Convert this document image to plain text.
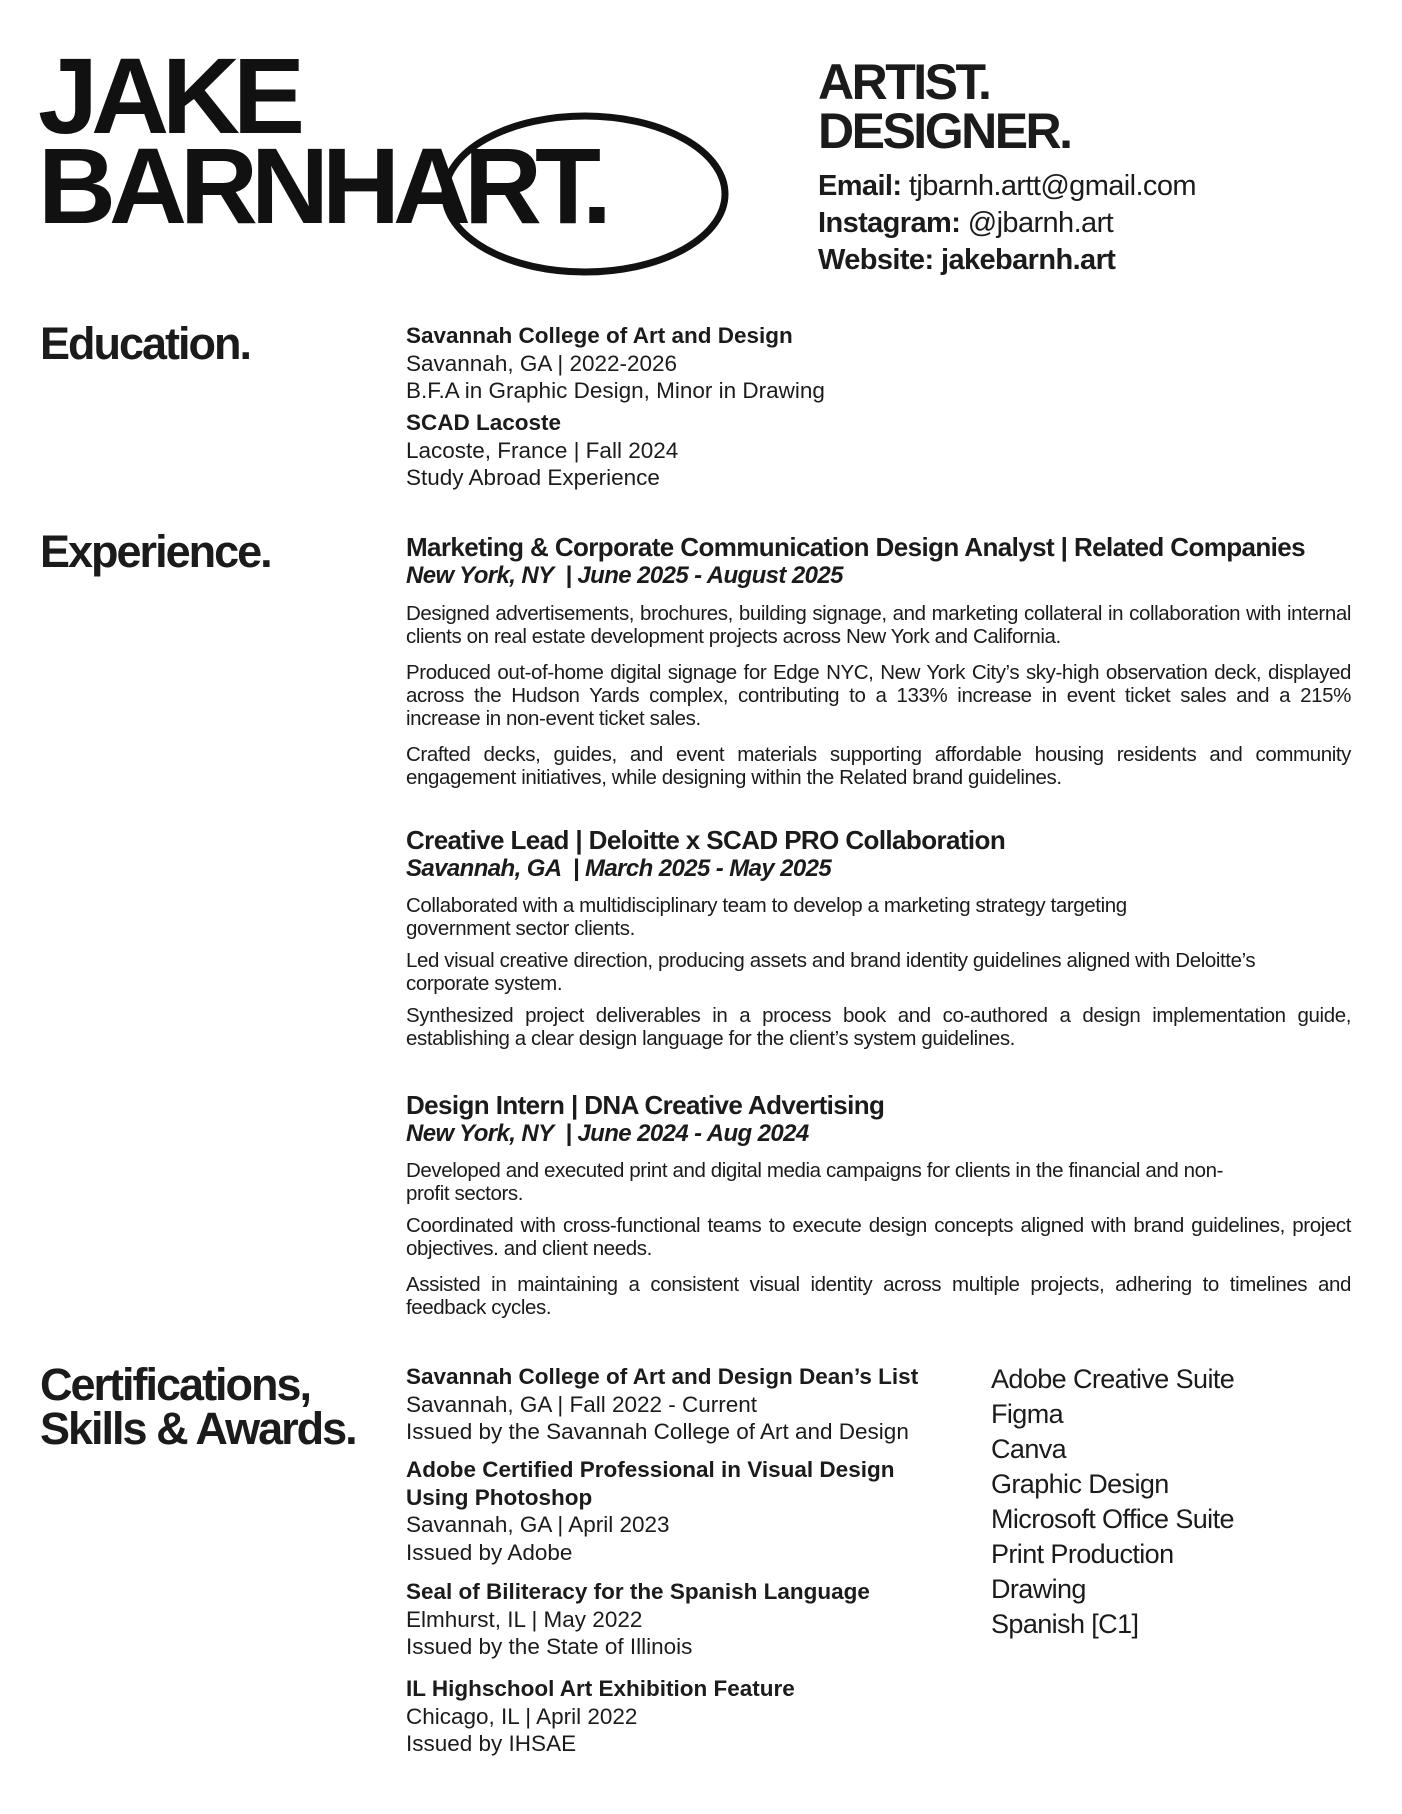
JAKE
BARNHART.
ARTIST.
DESIGNER.
Email: tjbarnh.artt@gmail.com
Instagram: @jbarnh.art
Website: jakebarnh.art
Education.	Savannah College of Art and Design
Savannah, GA | 2022-2026
B.F.A in Graphic Design, Minor in Drawing
SCAD Lacoste
Lacoste, France | Fall 2024
Study Abroad Experience
Experience.	Marketing & Corporate Communication Design Analyst | Related Companies
New York, NY  | June 2025 - August 2025

Designed advertisements, brochures, building signage, and marketing collateral in collaboration with internal clients on real estate development projects across New York and California.

Produced out-of-home digital signage for Edge NYC, New York City’s sky-high observation deck, displayed across the Hudson Yards complex, contributing to a 133% increase in event ticket sales and a 215% increase in non-event ticket sales.

Crafted decks, guides, and event materials supporting affordable housing residents and community engagement initiatives, while designing within the Related brand guidelines.

Creative Lead | Deloitte x SCAD PRO Collaboration
Savannah, GA  | March 2025 - May 2025

Collaborated with a multidisciplinary team to develop a marketing strategy targeting government sector clients.

Led visual creative direction, producing assets and brand identity guidelines aligned with Deloitte’s corporate system.

Synthesized project deliverables in a process book and co-authored a design implementation guide, establishing a clear design language for the client’s system guidelines.

Design Intern | DNA Creative Advertising
New York, NY  | June 2024 - Aug 2024

Developed and executed print and digital media campaigns for clients in the financial and non-profit sectors.

Coordinated with cross-functional teams to execute design concepts aligned with brand guidelines, project objectives. and client needs.

Assisted in maintaining a consistent visual identity across multiple projects, adhering to timelines and feedback cycles.

Certifications,
Skills & Awards.
Savannah College of Art and Design Dean’s List
Savannah, GA | Fall 2022 - Current
Issued by the Savannah College of Art and Design
Adobe Certified Professional in Visual Design
Using Photoshop
Savannah, GA | April 2023
Issued by Adobe
Seal of Biliteracy for the Spanish Language
Elmhurst, IL | May 2022
Issued by the State of Illinois
IL Highschool Art Exhibition Feature
Chicago, IL | April 2022
Issued by IHSAE
Adobe Creative Suite
Figma
Canva
Graphic Design
Microsoft Office Suite
Print Production
Drawing
Spanish [C1]
